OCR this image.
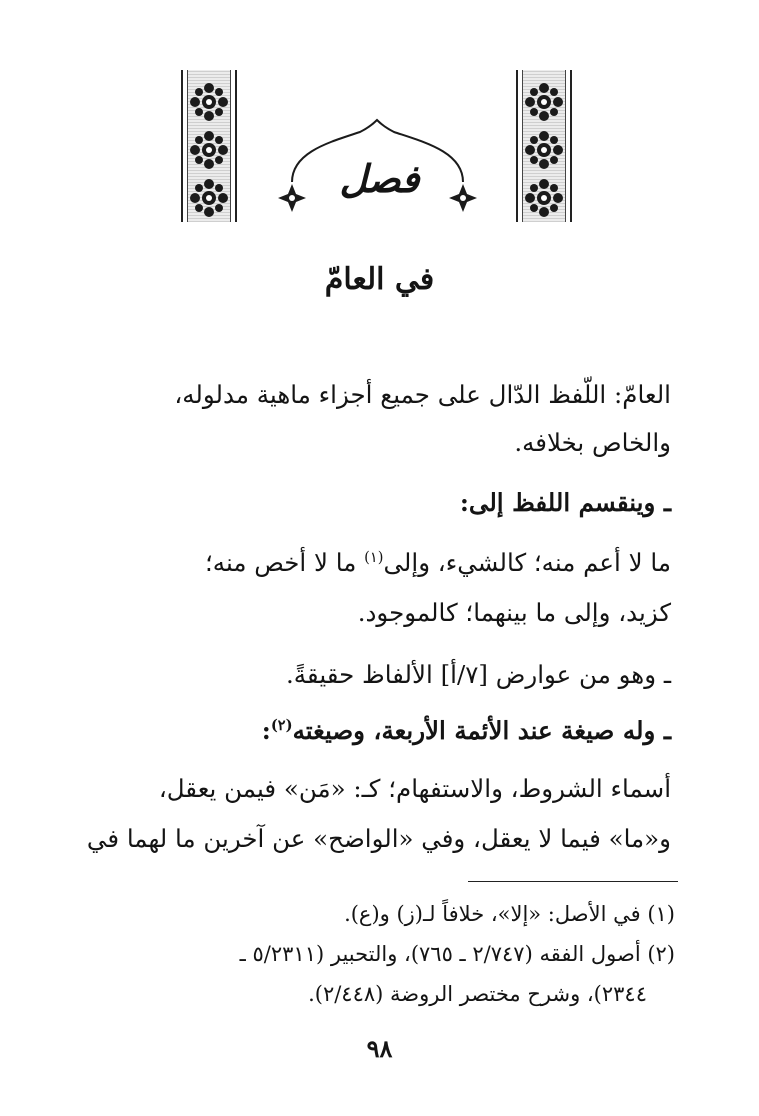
فصل
في العامّ
العامّ: اللّفظ الدّال على جميع أجزاء ماهية مدلوله،
والخاص بخلافه.
ـ وينقسم اللفظ إلى:
ما لا أعم منه؛ كالشيء، وإلى$^{(١)}$ ما لا أخص منه؛
كزيد، وإلى ما بينهما؛ كالموجود.
ـ وهو من عوارض [٧/أ] الألفاظ حقيقةً.
ـ وله صيغة عند الأئمة الأربعة، وصيغته$^{(٢)}$:
أسماء الشروط، والاستفهام؛ كـ: «مَن» فيمن يعقل،
و«ما» فيما لا يعقل، وفي «الواضح» عن آخرين ما لهما في
(١) في الأصل: «إلا»، خلافاً لـ(ز) و(ع).
(٢) أصول الفقه (٢/٧٤٧ ـ ٧٦٥)، والتحبير (٥/٢٣١١ ـ
٢٣٤٤)، وشرح مختصر الروضة (٢/٤٤٨).
٩٨
